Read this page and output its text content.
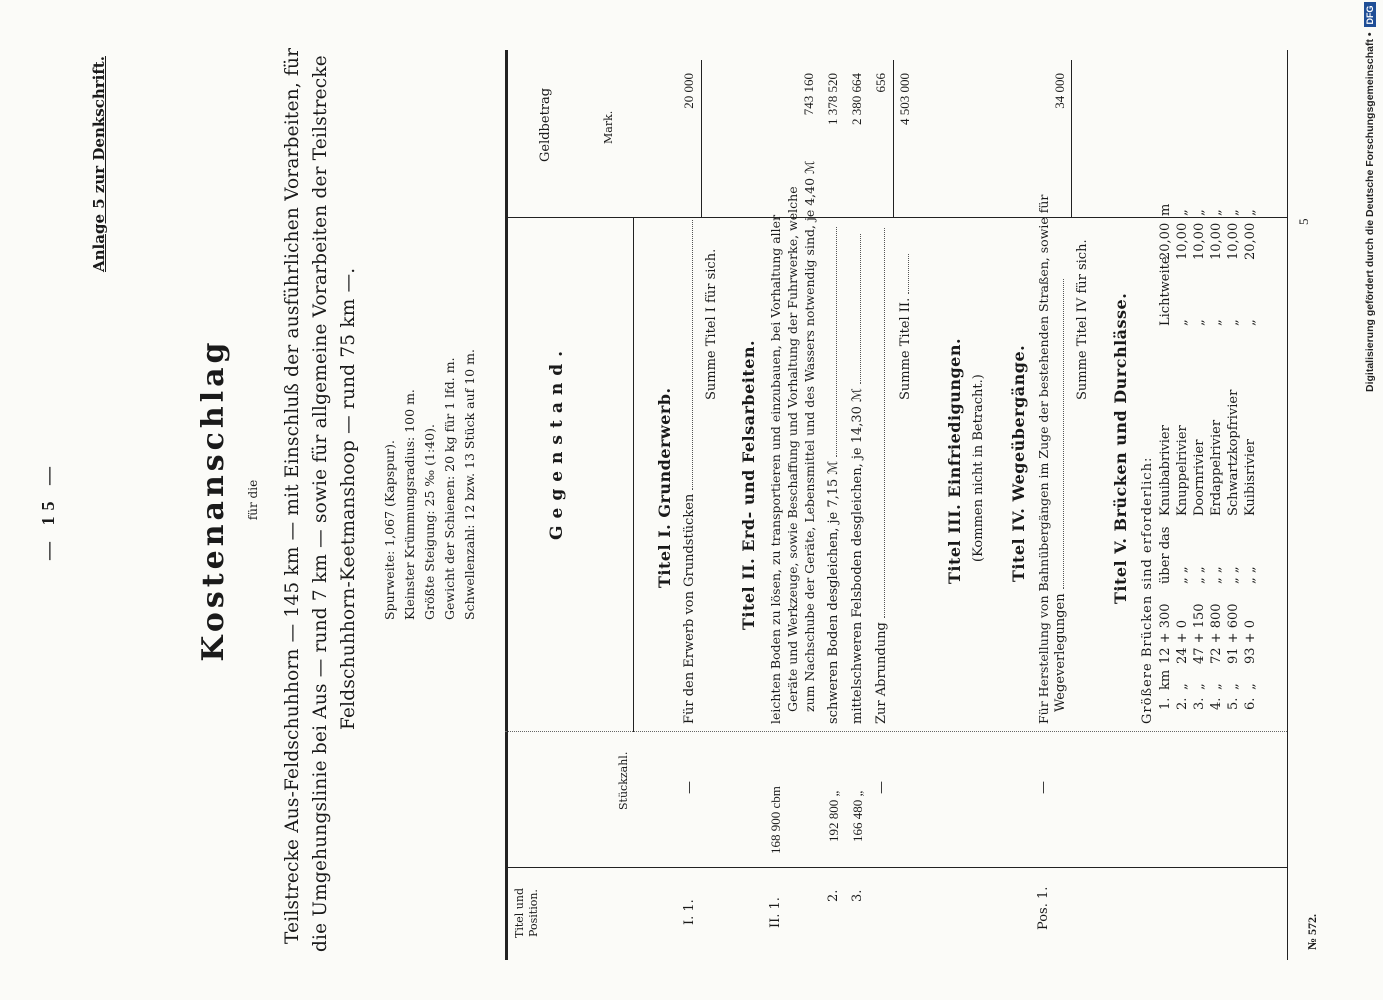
— 15 —
Anlage 5 zur Denkschrift.
Kostenanschlag für die Teilstrecke Aus-Feldschuhhorn — 145 km — mit Einschluß der ausführlichen Vorarbeiten, für die Umgehungslinie bei Aus — rund 7 km — sowie für allgemeine Vorarbeiten der Teilstrecke Feldschuhhorn-Keetmanshoop — rund 75 km —. Spurweite: 1,067 (Kapspur). Kleinster Krümmungsradius: 100 m. Größte Steigung: 25 ‰ (1:40). Gewicht der Schienen: 20 kg für 1 lfd. m. Schwellenzahl: 12 bzw. 13 Stück auf 10 m.
Titel und Position.
Stückzahl.
Gegenstand.
Geldbetrag	Mark.
Titel I. Grunderwerb.
I. 1.
—
Für den Erwerb von Grundstücken
20 000
Summe Titel I für sich.
Titel II. Erd- und Felsarbeiten.
II. 1.
168 900 cbm
leichten Boden zu lösen, zu transportieren und einzubauen, bei Vorhaltung aller Geräte und Werkzeuge, sowie Beschaffung und Vorhaltung der Fuhrwerke, welche zum Nachschube der Geräte, Lebensmittel und des Wassers notwendig sind, je 4,40 ℳ
743 160
2.
192 800 „
schweren Boden desgleichen, je 7,15 ℳ
1 378 520
3.
166 480 „
mittelschweren Felsboden desgleichen, je 14,30 ℳ
2 380 664
—
Zur Abrundung
656 4 503 000
Summe Titel II. Titel III. Einfriedigungen. (Kommen nicht in Betracht.) Titel IV. Wegeübergänge.
Pos. 1.
—
Für Herstellung von Bahnübergängen im Zuge der bestehenden Straßen, sowie für Wegeverlegungen
34 000
Summe Titel IV für sich. Titel V. Brücken und Durchlässe. Größere Brücken sind erforderlich: 1.km12 + 300über dasKnuibabrivierLichtweite20,00m
2.„24 + 0„ „Knuppelrivier„10,00„
3.„47 + 150„ „Doornrivier„10,00„
4.„72 + 800„ „Erdappelrivier„10,00„
5.„91 + 600„ „Schwartzkopfrivier„10,00„
6.„93 + 0„ „Kuibisrivier„20,00„
№ 572.
5	Digitalisierung gefördert durch die Deutsche Forschungsgemeinschaft • DFG
